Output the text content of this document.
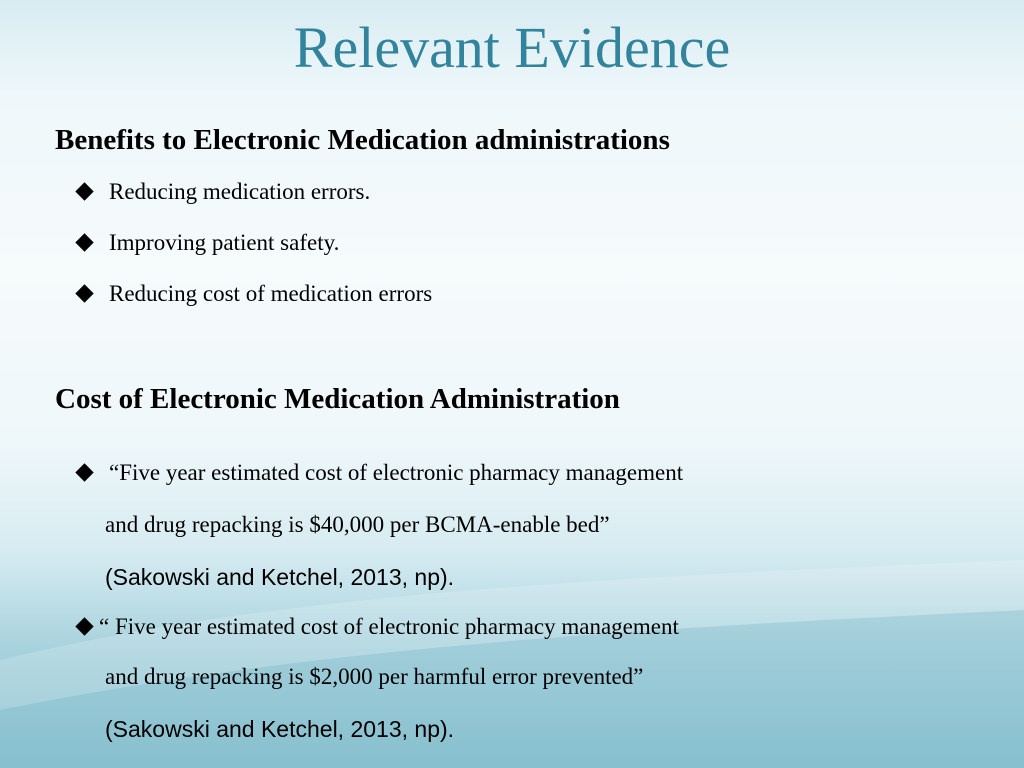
Relevant Evidence
Benefits to Electronic Medication administrations
Reducing medication errors.
Improving patient safety.
Reducing cost of medication errors
Cost of Electronic Medication Administration
“Five year estimated cost of electronic pharmacy management
and drug repacking is $40,000 per BCMA-enable bed”
(Sakowski and Ketchel, 2013, np).
“ Five year estimated cost of electronic pharmacy management
and drug repacking is $2,000 per harmful error prevented”
(Sakowski and Ketchel, 2013, np).
